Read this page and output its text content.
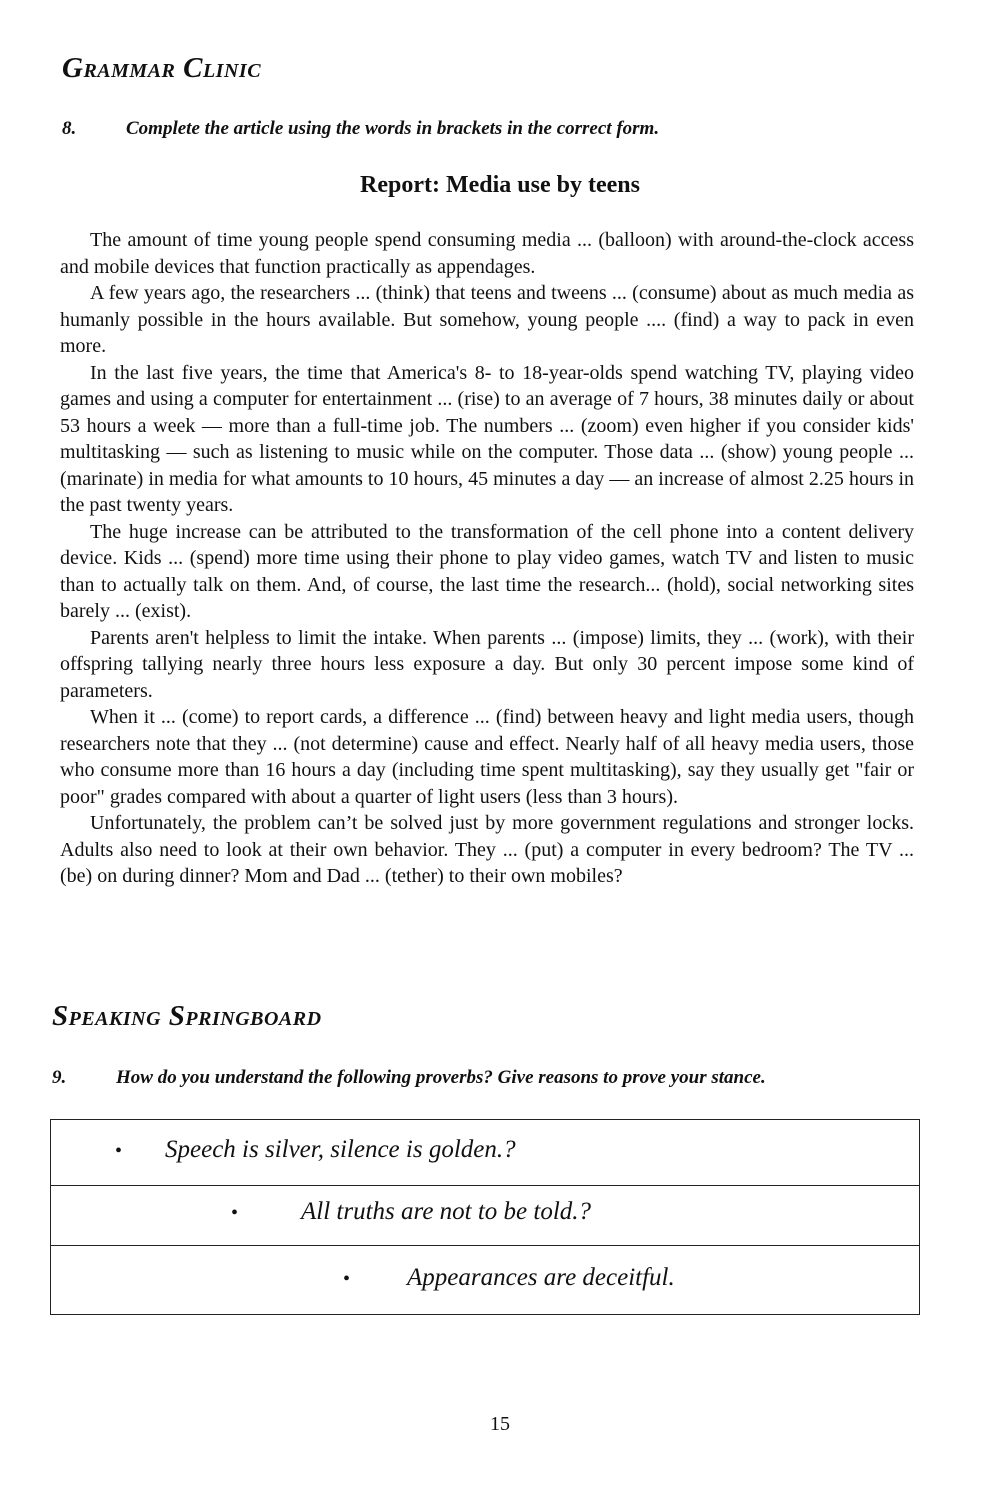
Grammar Clinic
8.	Complete the article using the words in brackets in the correct form.
Report: Media use by teens

The amount of time young people spend consuming media ... (balloon) with around-the-clock access and mobile devices that function practically as appendages.

A few years ago, the researchers ... (think) that teens and tweens ... (consume) about as much media as humanly possible in the hours available. But somehow, young people .... (find) a way to pack in even more.

In the last five years, the time that America's 8- to 18-year-olds spend watching TV, playing video games and using a computer for entertainment ... (rise) to an average of 7 hours, 38 minutes daily or about 53 hours a week — more than a full-time job. The numbers ... (zoom) even higher if you consider kids' multitasking — such as listening to music while on the computer. Those data ... (show) young people ... (marinate) in media for what amounts to 10 hours, 45 minutes a day — an increase of almost 2.25 hours in the past twenty years.

The huge increase can be attributed to the transformation of the cell phone into a content delivery device. Kids ... (spend) more time using their phone to play video games, watch TV and listen to music than to actually talk on them. And, of course, the last time the research... (hold), social networking sites barely ... (exist).

Parents aren't helpless to limit the intake. When parents ... (impose) limits, they ... (work), with their offspring tallying nearly three hours less exposure a day. But only 30 percent impose some kind of parameters.

When it ... (come) to report cards, a difference ... (find) between heavy and light media users, though researchers note that they ... (not determine) cause and effect. Nearly half of all heavy media users, those who consume more than 16 hours a day (including time spent multitasking), say they usually get "fair or poor" grades compared with about a quarter of light users (less than 3 hours).

Unfortunately, the problem can’t be solved just by more government regulations and stronger locks. Adults also need to look at their own behavior. They ... (put) a computer in every bedroom? The TV ... (be) on during dinner? Mom and Dad ... (tether) to their own mobiles?

Speaking Springboard
9.	How do you understand the following proverbs? Give reasons to prove your stance.
• Speech is silver, silence is golden.?
•	All truths are not to be told.?
• Appearances are deceitful.

15
